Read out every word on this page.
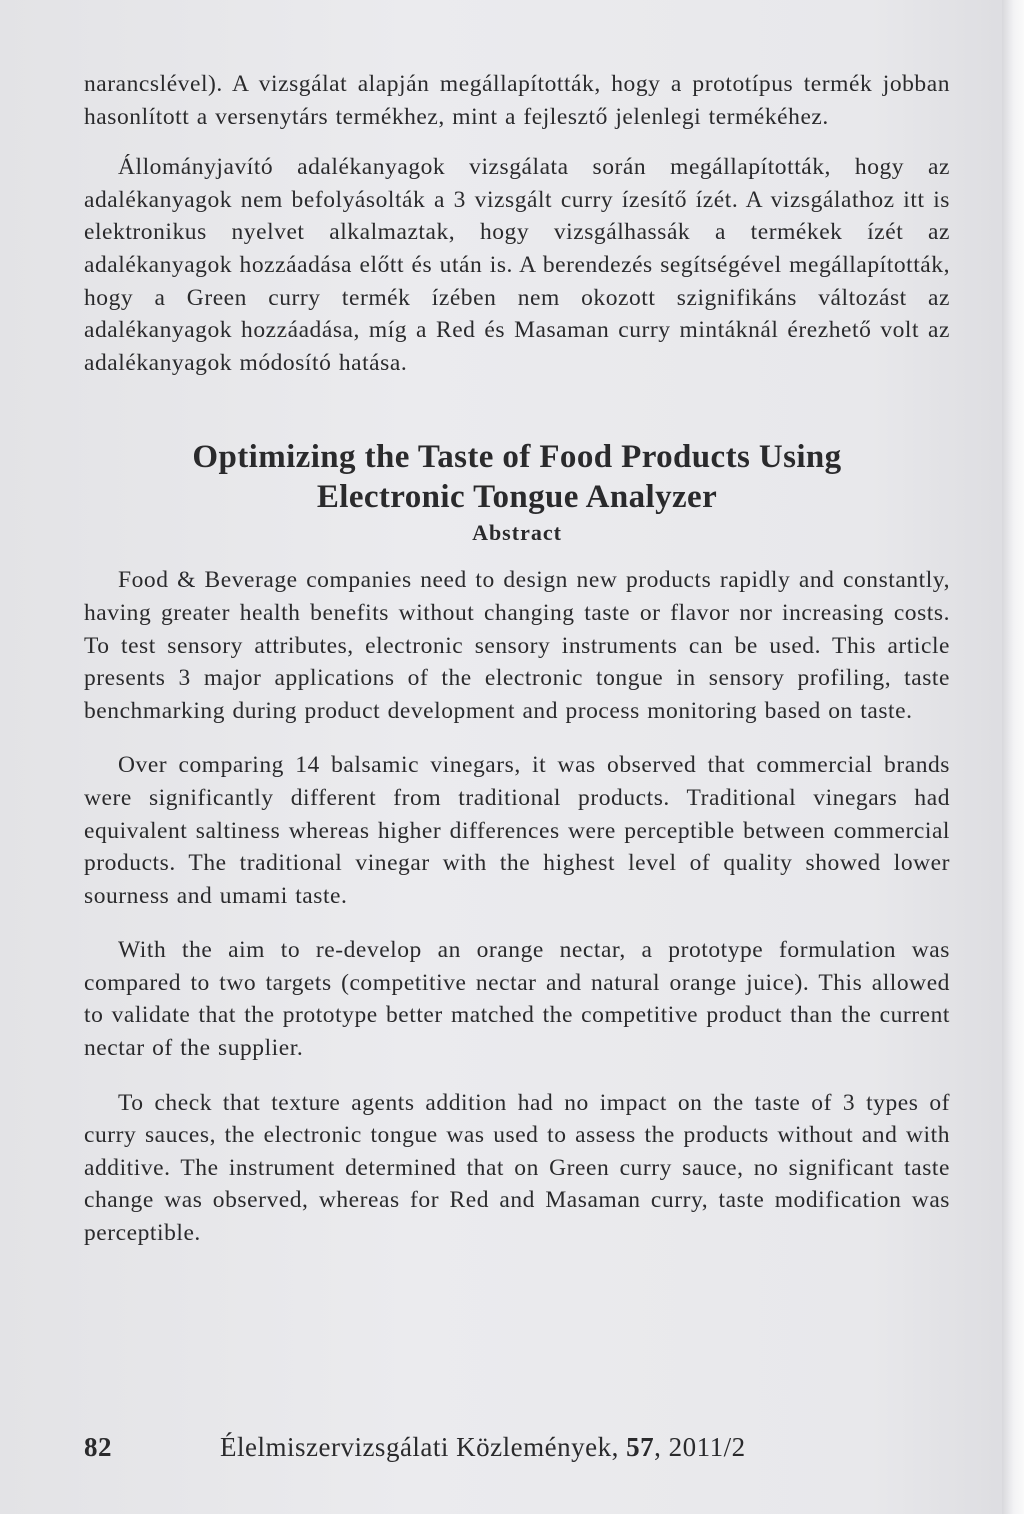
narancslével). A vizsgálat alapján megállapították, hogy a prototípus termék jobban hasonlított a versenytárs termékhez, mint a fejlesztő jelenlegi termékéhez.

Állományjavító adalékanyagok vizsgálata során megállapították, hogy az adalékanyagok nem befolyásolták a 3 vizsgált curry ízesítő ízét. A vizsgálathoz itt is elektronikus nyelvet alkalmaztak, hogy vizsgálhassák a termékek ízét az adalékanyagok hozzáadása előtt és után is. A berendezés segítségével megállapították, hogy a Green curry termék ízében nem okozott szignifikáns változást az adalékanyagok hozzáadása, míg a Red és Masaman curry mintáknál érezhető volt az adalékanyagok módosító hatása.

Optimizing the Taste of Food Products Using
Electronic Tongue Analyzer
Abstract

Food & Beverage companies need to design new products rapidly and constantly, having greater health benefits without changing taste or flavor nor increasing costs. To test sensory attributes, electronic sensory instruments can be used. This article presents 3 major applications of the electronic tongue in sensory profiling, taste benchmarking during product development and process monitoring based on taste.

Over comparing 14 balsamic vinegars, it was observed that commercial brands were significantly different from traditional products. Traditional vinegars had equivalent saltiness whereas higher differences were perceptible between commercial products. The traditional vinegar with the highest level of quality showed lower sourness and umami taste.

With the aim to re-develop an orange nectar, a prototype formulation was compared to two targets (competitive nectar and natural orange juice). This allowed to validate that the prototype better matched the competitive product than the current nectar of the supplier.

To check that texture agents addition had no impact on the taste of 3 types of curry sauces, the electronic tongue was used to assess the products without and with additive. The instrument determined that on Green curry sauce, no significant taste change was observed, whereas for Red and Masaman curry, taste modification was perceptible.

82	Élelmiszervizsgálati Közlemények, 57, 2011/2
